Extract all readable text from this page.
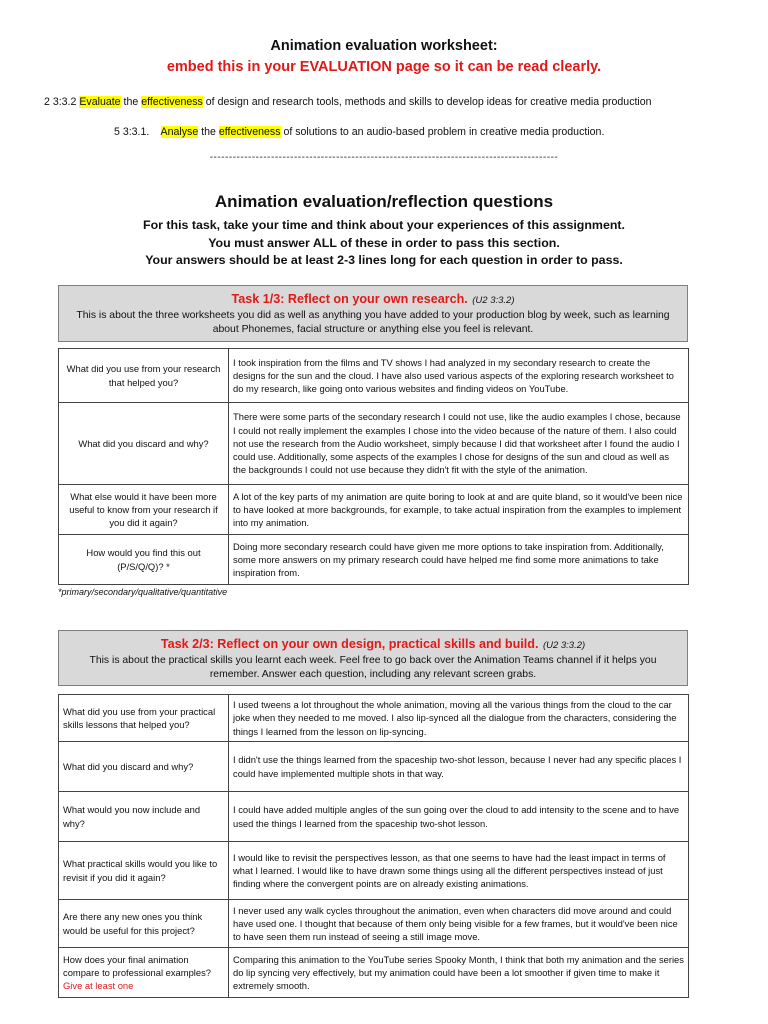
Animation evaluation worksheet:
embed this in your EVALUATION page so it can be read clearly.
2 3:3.2 Evaluate the effectiveness of design and research tools, methods and skills to develop ideas for creative media production
5 3:3.1.    Analyse the effectiveness of solutions to an audio-based problem in creative media production.
-------------------------------------------------------------------------------------------
Animation evaluation/reflection questions
For this task, take your time and think about your experiences of this assignment.
You must answer ALL of these in order to pass this section.
Your answers should be at least 2-3 lines long for each question in order to pass.
Task 1/3: Reflect on your own research. (U2 3:3.2)
This is about the three worksheets you did as well as anything you have added to your production blog by week, such as learning about Phonemes, facial structure or anything else you feel is relevant.
What did you use from your research that helped you?	I took inspiration from the films and TV shows I had analyzed in my secondary research to create the designs for the sun and the cloud. I have also used various aspects of the exploring research worksheet to do my research, like going onto various websites and finding videos on YouTube.
What did you discard and why?	There were some parts of the secondary research I could not use, like the audio examples I chose, because I could not really implement the examples I chose into the video because of the nature of them. I also could not use the research from the Audio worksheet, simply because I did that worksheet after I found the audio I could use. Additionally, some aspects of the examples I chose for designs of the sun and cloud as well as the backgrounds I could not use because they didn't fit with the style of the animation.
What else would it have been more useful to know from your research if you did it again?	A lot of the key parts of my animation are quite boring to look at and are quite bland, so it would've been nice to have looked at more backgrounds, for example, to take actual inspiration from the examples to implement into my animation.
How would you find this out (P/S/Q/Q)? *	Doing more secondary research could have given me more options to take inspiration from. Additionally, some more answers on my primary research could have helped me find some more animations to take inspiration from.
*primary/secondary/qualitative/quantitative
Task 2/3: Reflect on your own design, practical skills and build. (U2 3:3.2)
This is about the practical skills you learnt each week. Feel free to go back over the Animation Teams channel if it helps you remember. Answer each question, including any relevant screen grabs.
What did you use from your practical skills lessons that helped you?	I used tweens a lot throughout the whole animation, moving all the various things from the cloud to the car joke when they needed to me moved. I also lip-synced all the dialogue from the characters, considering the things I learned from the lesson on lip-syncing.
What did you discard and why?	I didn't use the things learned from the spaceship two-shot lesson, because I never had any specific places I could have implemented multiple shots in that way.
What would you now include and why?	I could have added multiple angles of the sun going over the cloud to add intensity to the scene and to have used the things I learned from the spaceship two-shot lesson.
What practical skills would you like to revisit if you did it again?	I would like to revisit the perspectives lesson, as that one seems to have had the least impact in terms of what I learned. I would like to have drawn some things using all the different perspectives instead of just finding where the convergent points are on already existing animations.
Are there any new ones you think would be useful for this project?	I never used any walk cycles throughout the animation, even when characters did move around and could have used one. I thought that because of them only being visible for a few frames, but it would've been nice to have seen them run instead of seeing a still image move.
How does your final animation compare to professional examples? Give at least one	Comparing this animation to the YouTube series Spooky Month, I think that both my animation and the series do lip syncing very effectively, but my animation could have been a lot smoother if given time to make it extremely smooth.
